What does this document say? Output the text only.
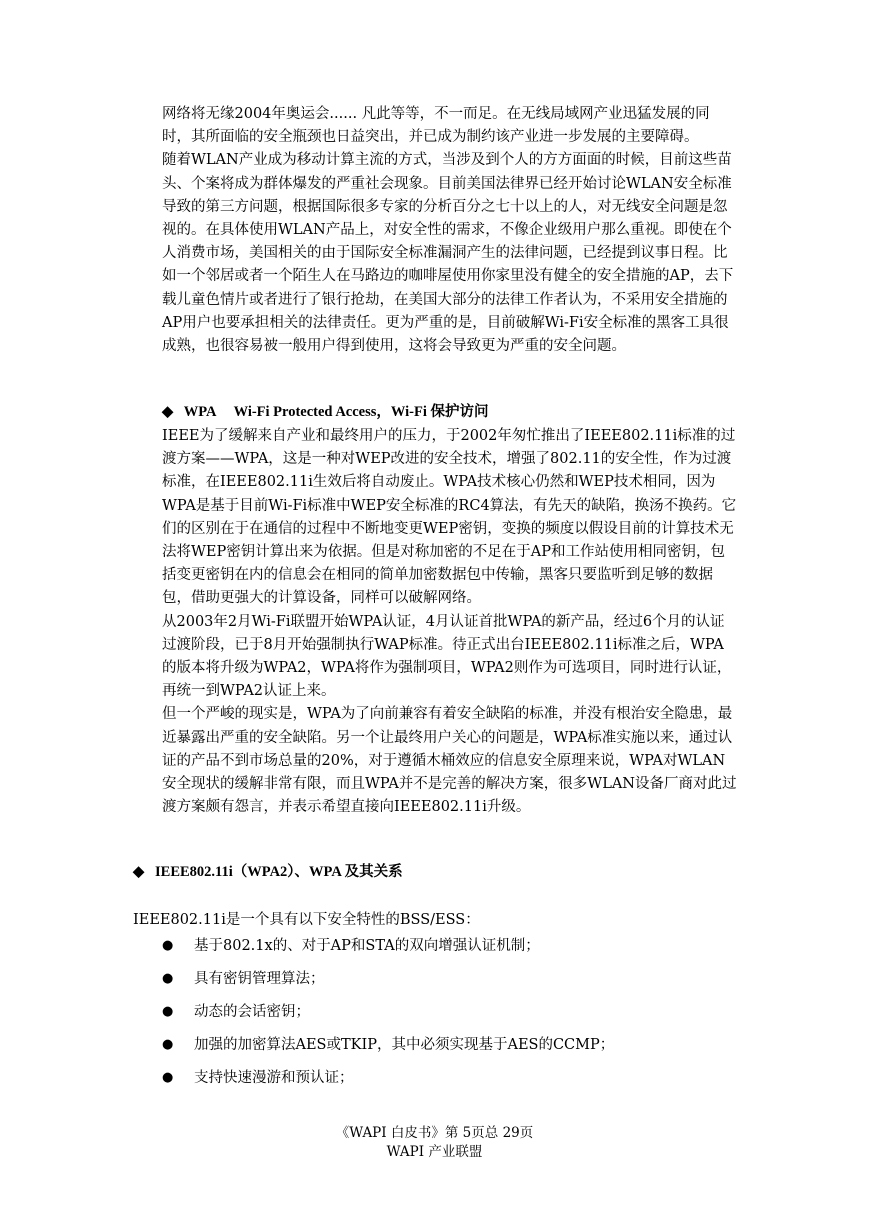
网络将无缘2004年奥运会...... 凡此等等，不一而足。在无线局域网产业迅猛发展的同时，其所面临的安全瓶颈也日益突出，并已成为制约该产业进一步发展的主要障碍。

随着WLAN产业成为移动计算主流的方式，当涉及到个人的方方面面的时候，目前这些苗头、个案将成为群体爆发的严重社会现象。目前美国法律界已经开始讨论WLAN安全标准导致的第三方问题，根据国际很多专家的分析百分之七十以上的人，对无线安全问题是忽视的。在具体使用WLAN产品上，对安全性的需求，不像企业级用户那么重视。即使在个人消费市场，美国相关的由于国际安全标准漏洞产生的法律问题，已经提到议事日程。比如一个邻居或者一个陌生人在马路边的咖啡屋使用你家里没有健全的安全措施的AP，去下载儿童色情片或者进行了银行抢劫，在美国大部分的法律工作者认为，不采用安全措施的AP用户也要承担相关的法律责任。更为严重的是，目前破解Wi-Fi安全标准的黑客工具很成熟，也很容易被一般用户得到使用，这将会导致更为严重的安全问题。

◆   WPA     Wi-Fi Protected Access，Wi-Fi 保护访问

IEEE为了缓解来自产业和最终用户的压力，于2002年匆忙推出了IEEE802.11i标准的过渡方案——WPA，这是一种对WEP改进的安全技术，增强了802.11的安全性，作为过渡标准，在IEEE802.11i生效后将自动废止。WPA技术核心仍然和WEP技术相同，因为WPA是基于目前Wi-Fi标准中WEP安全标准的RC4算法，有先天的缺陷，换汤不换药。它们的区别在于在通信的过程中不断地变更WEP密钥，变换的频度以假设目前的计算技术无法将WEP密钥计算出来为依据。但是对称加密的不足在于AP和工作站使用相同密钥，包括变更密钥在内的信息会在相同的简单加密数据包中传输，黑客只要监听到足够的数据包，借助更强大的计算设备，同样可以破解网络。

从2003年2月Wi-Fi联盟开始WPA认证，4月认证首批WPA的新产品，经过6个月的认证过渡阶段，已于8月开始强制执行WAP标准。待正式出台IEEE802.11i标准之后，WPA的版本将升级为WPA2，WPA将作为强制项目，WPA2则作为可选项目，同时进行认证，再统一到WPA2认证上来。

但一个严峻的现实是，WPA为了向前兼容有着安全缺陷的标准，并没有根治安全隐患，最近暴露出严重的安全缺陷。另一个让最终用户关心的问题是，WPA标准实施以来，通过认证的产品不到市场总量的20%，对于遵循木桶效应的信息安全原理来说，WPA对WLAN安全现状的缓解非常有限，而且WPA并不是完善的解决方案，很多WLAN设备厂商对此过渡方案颇有怨言，并表示希望直接向IEEE802.11i升级。

◆   IEEE802.11i（WPA2）、WPA 及其关系
IEEE802.11i是一个具有以下安全特性的BSS/ESS：
● 基于802.1x的、对于AP和STA的双向增强认证机制；
● 具有密钥管理算法；
● 动态的会话密钥；
● 加强的加密算法AES或TKIP，其中必须实现基于AES的CCMP；
● 支持快速漫游和预认证；
《WAPI 白皮书》第 5页总 29页
WAPI 产业联盟
